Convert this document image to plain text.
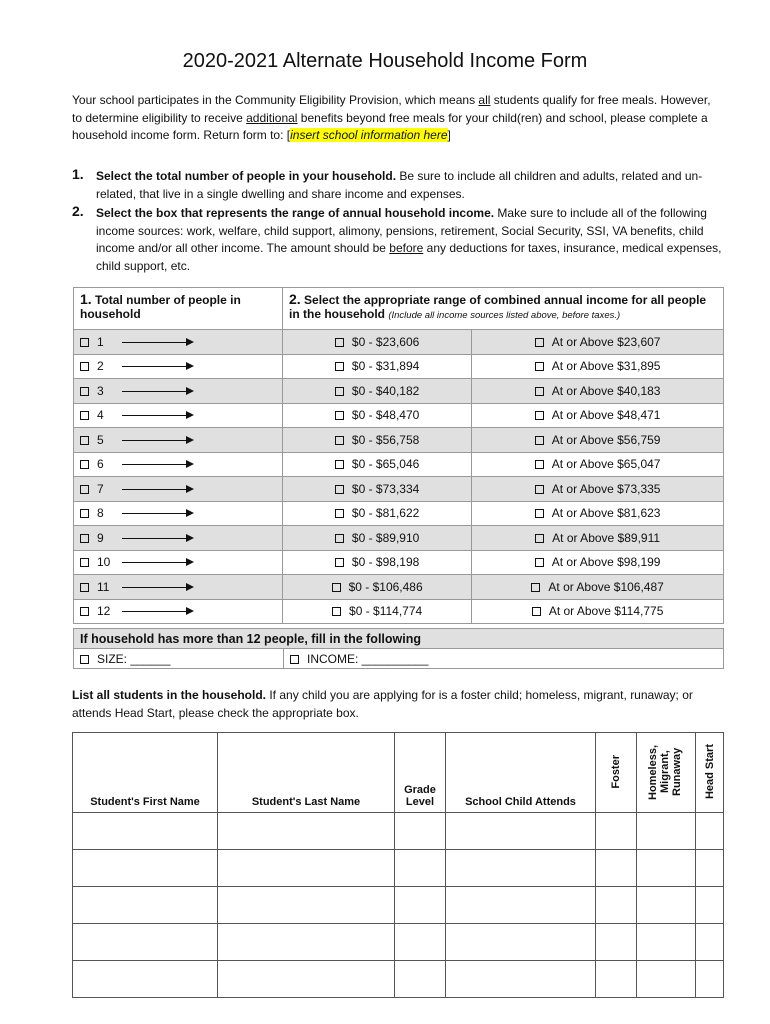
2020-2021 Alternate Household Income Form
Your school participates in the Community Eligibility Provision, which means all students qualify for free meals. However, to determine eligibility to receive additional benefits beyond free meals for your child(ren) and school, please complete a household income form. Return form to: [insert school information here]
1. Select the total number of people in your household. Be sure to include all children and adults, related and un-related, that live in a single dwelling and share income and expenses.
2. Select the box that represents the range of annual household income. Make sure to include all of the following income sources: work, welfare, child support, alimony, pensions, retirement, Social Security, SSI, VA benefits, child income and/or all other income. The amount should be before any deductions for taxes, insurance, medical expenses, child support, etc.
1. Total number of people in household	2. Select the appropriate range of combined annual income for all people in the household (Include all income sources listed above, before taxes.)	
1	$0 - $23,606	At or Above $23,607
2	$0 - $31,894	At or Above $31,895
3	$0 - $40,182	At or Above $40,183
4	$0 - $48,470	At or Above $48,471
5	$0 - $56,758	At or Above $56,759
6	$0 - $65,046	At or Above $65,047
7	$0 - $73,334	At or Above $73,335
8	$0 - $81,622	At or Above $81,623
9	$0 - $89,910	At or Above $89,911
10	$0 - $98,198	At or Above $98,199
11	$0 - $106,486	At or Above $106,487
12	$0 - $114,774	At or Above $114,775
If household has more than 12 people, fill in the following
SIZE: ______	INCOME: __________
List all students in the household. If any child you are applying for is a foster child; homeless, migrant, runaway; or attends Head Start, please check the appropriate box.
Student's First Name	Student's Last Name	Grade Level	School Child Attends	Foster	Homeless, Migrant, Runaway	Head Start
